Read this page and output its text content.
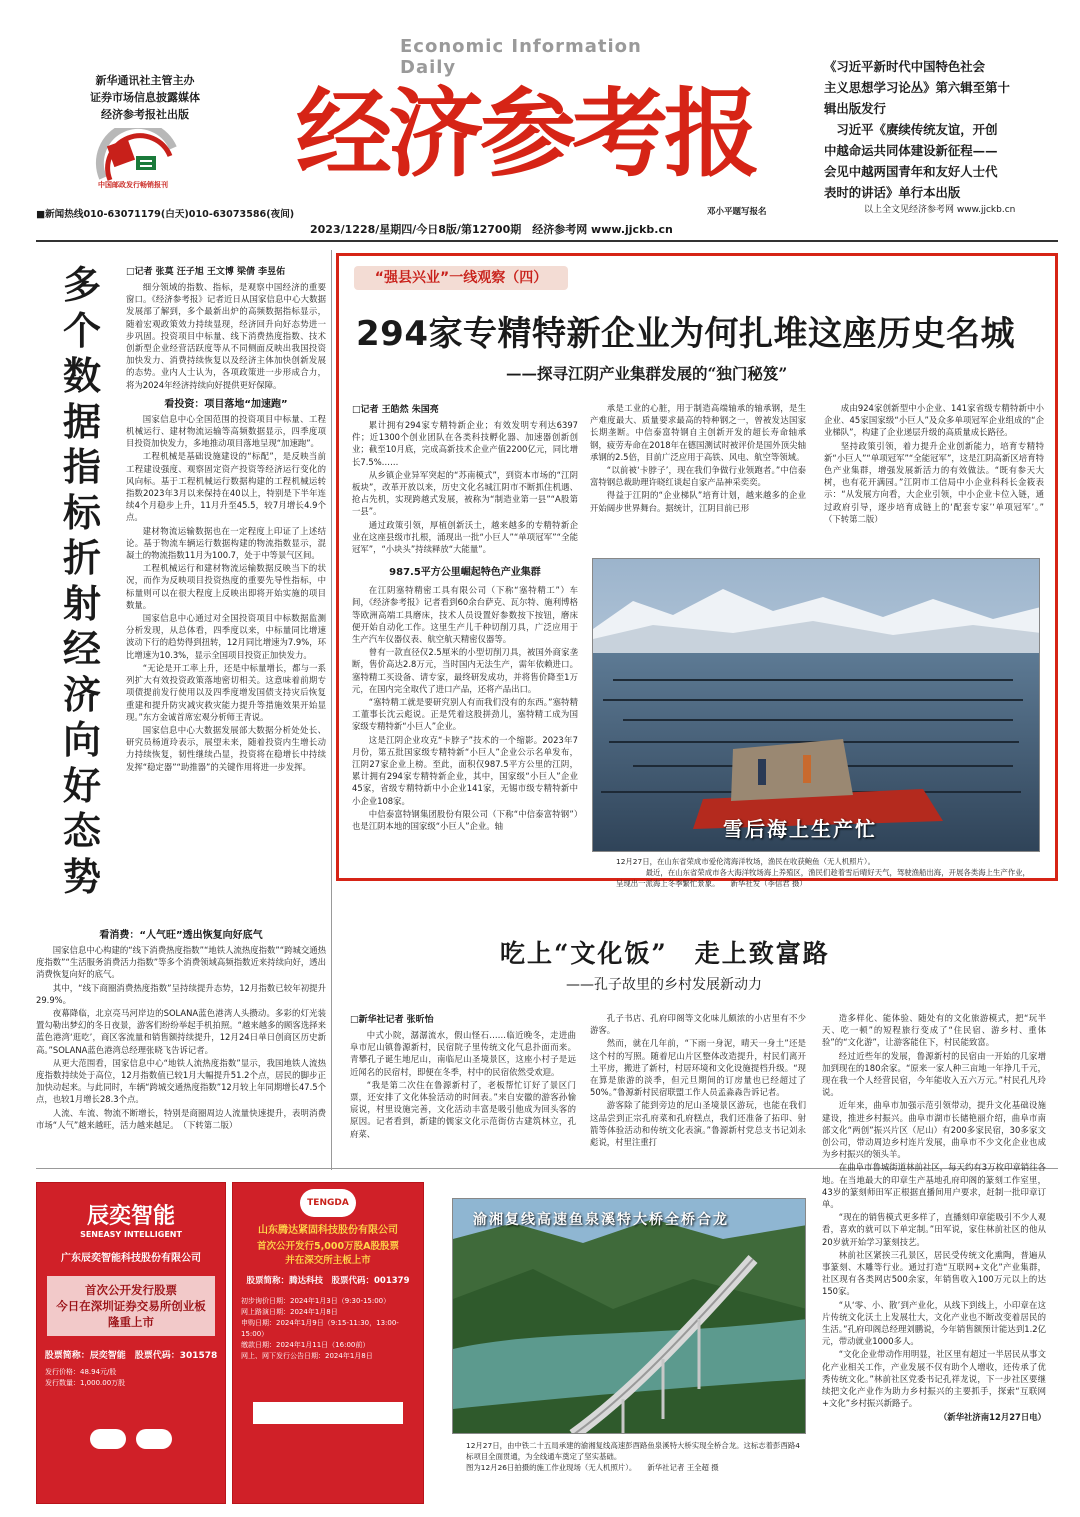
Economic Information Daily
经济参考报
新华通讯社主管主办
证券市场信息披露媒体
经济参考报社出版
中国邮政发行畅销报刊
■新闻热线010-63071179(白天)010-63073586(夜间)
2023/1228/星期四/今日8版/第12700期　经济参考网 www.jjckb.cn
邓小平题写报名
《习近平新时代中国特色社会
主义思想学习论丛》第六辑至第十
辑出版发行
　习近平《赓续传统友谊，开创
中越命运共同体建设新征程——
会见中越两国青年和友好人士代
表时的讲话》单行本出版
以上全文见经济参考网 www.jjckb.cn
多
个
数
据
指
标
折
射
经
济
向
好
态
势
□记者 张莫 汪子旭 王文博 梁倩 李昱佑

细分领域的指数、指标，是观察中国经济的重要窗口。《经济参考报》记者近日从国家信息中心大数据发展部了解到，多个最新出炉的高频数据指标显示，随着宏观政策效力持续显现，经济回升向好态势进一步巩固。投资项目中标量、线下消费热度指数、技术创新型企业经营活跃度等从不同侧面反映出我国投资加快发力、消费持续恢复以及经济主体加快创新发展的态势。业内人士认为，各项政策进一步形成合力，将为2024年经济持续向好提供更好保障。

看投资：项目落地“加速跑”

国家信息中心全国范围的投资项目中标量、工程机械运行、建材物流运输等高频数据显示，四季度项目投资加快发力，多地推动项目落地呈现“加速跑”。

工程机械是基础设施建设的“标配”，是反映当前工程建设强度、观察固定资产投资等经济运行变化的风向标。基于工程机械运行数据构建的工程机械运转指数2023年3月以来保持在40以上，特别是下半年连续4个月稳步上升，11月升至45.5，较7月增长4.9个点。

建材物流运输数据也在一定程度上印证了上述结论。基于物流车辆运行数据构建的物流指数显示，混凝土的物流指数11月为100.7，处于中等景气区间。

工程机械运行和建材物流运输数据反映当下的状况，而作为反映项目投资热度的重要先导性指标，中标量则可以在很大程度上反映出即将开始实施的项目数量。

国家信息中心通过对全国投资项目中标数据监测分析发现，从总体看，四季度以来，中标量同比增速波动下行的趋势得到扭转，12月同比增速为7.9%，环比增速为10.3%，显示全国项目投资正加快发力。

“无论是开工率上升，还是中标量增长，都与一系列扩大有效投资政策落地密切相关。这意味着前期专项债提前发行使用以及四季度增发国债支持灾后恢复重建和提升防灾减灾救灾能力提升等措施效果开始显现。”东方金诚首席宏观分析师王青说。

国家信息中心大数据发展部大数据分析处处长、研究员杨道玲表示，展望未来，随着投资内生增长动力持续恢复，韧性继续凸显，投资将在稳增长中持续发挥“稳定器”“助推器”的关键作用将进一步发挥。

看消费：“人气旺”透出恢复向好底气

国家信息中心构建的“线下消费热度指数”“地铁人流热度指数”“跨城交通热度指数”“生活服务消费活力指数”等多个消费领域高频指数近来持续向好，透出消费恢复向好的底气。

其中，“线下商圈消费热度指数”呈持续提升态势，12月指数已较年初提升29.9%。

夜幕降临，北京亮马河岸边的SOLANA蓝色港湾人头攒动。多彩的灯光装置勾勒出梦幻的冬日夜景，游客们纷纷举起手机拍照。“越来越多的顾客选择来蓝色港湾‘逛吃’，商区客流量和销售额持续提升，12月24日单日创商区历史新高。”SOLANA蓝色港湾总经理张晓飞告诉记者。

从更大范围看，国家信息中心“地铁人流热度指数”显示，我国地铁人流热度指数持续处于高位，12月指数值已较1月大幅提升51.2个点，居民的脚步正加快动起来。与此同时，车辆“跨城交通热度指数”12月较上年同期增长47.5个点，也较1月增长28.3个点。

人流、车流、物流不断增长，特别是商圈周边人流量快速提升，表明消费市场“人气”越来越旺，活力越来越足。　（下转第二版）

“强县兴业”一线观察（四）
294家专精特新企业为何扎堆这座历史名城
——探寻江阴产业集群发展的“独门秘笈”
□记者 王皓然 朱国亮

累计拥有294家专精特新企业；有效发明专利达6397件；近1300个创业团队在各类科技孵化器、加速器创新创业；截至10月底，完成高新技术企业产值2200亿元，同比增长7.5%……

从乡镇企业异军突起的“苏南模式”，到资本市场的“江阴板块”，改革开放以来，历史文化名城江阴市不断抓住机遇、抢占先机，实现跨越式发展，被称为“制造业第一县”“A股第一县”。

通过政策引领，厚植创新沃土，越来越多的专精特新企业在这座县级市扎根，涌现出一批“小巨人”“单项冠军”“全能冠军”，“小块头”持续释放“大能量”。

987.5平方公里崛起特色产业集群

在江阴塞特精密工具有限公司（下称“塞特精工”）车间，《经济参考报》记者看到60余台萨克、瓦尔特、施利博格等欧洲高端工具磨床，技术人员设置好参数按下按钮，磨床便开始自动化工作。这里生产儿千种切削刀具，广泛应用于生产汽车仪器仪表、航空航天精密仪器等。

曾有一款直径仅2.5厘米的小型切削刀具，被国外商家垄断，售价高达2.8万元，当时国内无法生产，需年依赖进口。塞特精工买设备、请专家，最终研发成功，并将售价降至1万元，在国内完全取代了进口产品，还将产品出口。

“塞特精工就是要研究别人有而我们没有的东西。”塞特精工董事长沈云彪说。正是凭着这股拼劲儿，塞特精工成为国家级专精特新“小巨人”企业。

这是江阴企业攻克“卡脖子”技术的一个缩影。2023年7月份，第五批国家级专精特新“小巨人”企业公示名单发布，江阴27家企业上榜。至此，面积仅987.5平方公里的江阴，累计拥有294家专精特新企业，其中，国家级“小巨人”企业45家，省级专精特新中小企业141家，无锡市级专精特新中小企业108家。

中信泰富特钢集团股份有限公司（下称“中信泰富特钢”）也是江阴本地的国家级“小巨人”企业。轴

承是工业的心脏，用于制造高端轴承的轴承钢，是生产难度最大、质量要求最高的特种钢之一，曾被发达国家长期垄断。中信泰富特钢自主创新开发的超长寿命轴承钢，疲劳寿命在2018年在德国测试时被评价是国外顶尖轴承钢的2.5倍，目前广泛应用于高铁、风电、航空等领域。

“以前被‘卡脖子’，现在我们争做行业领跑者。”中信泰富特钢总裁助理许晓红谈起自家产品神采奕奕。

得益于江阴的“企业梯队”培育计划，越来越多的企业开始阔步世界舞台。据统计，江阴目前已形

成由924家创新型中小企业、141家省级专精特新中小企业、45家国家级“小巨人”及众多单项冠军企业组成的“企业梯队”，构建了企业递层升级的高质量成长路径。

坚持政策引领，着力提升企业创新能力，培育专精特新“小巨人”“单项冠军”“全能冠军”，这是江阴高新区培育特色产业集群，增强发展新活力的有效做法。“既有参天大树，也有花开满园。”江阴市工信局中小企业科科长金筱表示：“从发展方向看，大企业引领，中小企业卡位入链，通过政府引导，逐步培育成链上的‘配套专家’‘单项冠军’。”　（下转第二版）

雪后海上生产忙
12月27日，在山东省荣成市爱伦湾海洋牧场，渔民在收获鲍鱼（无人机照片）。
　　　　最近，在山东省荣成市各大海洋牧场海上养殖区，渔民们趁着雪后晴好天气，驾驶渔船出海，开展各类海上生产作业，呈现出一派海上冬季繁忙景象。　　新华社发（李信君 摄）
吃上“文化饭”　走上致富路
——孔子故里的乡村发展新动力
□新华社记者 张昕怡

中式小院，潺潺流水，假山怪石……临近晚冬，走进曲阜市尼山镇鲁源新村，民宿院子里传统文化气息扑面而来。青攀孔子诞生地尼山，南临尼山圣境景区，这座小村子是远近闻名的民宿村，即便在冬季，村中的民宿依然受欢迎。

“我是第二次住在鲁源新村了，老板帮忙订好了景区门票，还安排了文化体验活动的时间表。”来自安徽的游客孙愉宸说，村里设施完善，文化活动丰富是吸引他成为回头客的原因。记者看到，新建的儒家文化示范街仿古建筑林立，孔府菜、

孔子书店、孔府印阁等文化味儿颇浓的小店里有不少游客。

然而，就在几年前，“下雨一身泥，晴天一身土”还是这个村的写照。随着尼山片区整体改造提升，村民们离开土平房，搬进了新村，村居环境和文化设施提档升级。“现在算是旅游的淡季，但元旦期间的订房量也已经超过了50%。”鲁源新村民宿联盟工作人员孟淼淼告诉记者。

游客除了能到旁边的尼山圣境景区游玩，也能在我们这品尝到正宗孔府菜和孔府糕点，我们还准备了拓印、射箭等体验活动和传统文化表演。”鲁源新村党总支书记刘永彪说，村里注重打

造多样化、能体验、随处有的文化旅游模式，把“玩半天、吃一顿”的短程旅行变成了“住民宿、游乡村、重体验”的“文化游”，让游客能住下，村民能致富。

经过近些年的发展，鲁源新村的民宿由一开始的几家增加到现在的180余家。“原来一家人种三亩地一年挣几千元，现在我一个人经营民宿，今年能收入五六万元。”村民孔凡玲说。

近年来，曲阜市加强示范引领带动，提升文化基础设施建设，推进乡村振兴。曲阜市湖市长储艳丽介绍，曲阜市南部文化“两创”振兴片区（尼山）有200多家民宿，30多家文创公司，带动周边乡村连片发展，曲阜市不少文化企业也成为乡村振兴的领头羊。

在曲阜市鲁城街道林前社区，每天约有3万枚印章销往各地。在当地最大的印章生产基地孔府印阁的篆刻工作室里，43岁的篆刻师田军正根据直播间用户要求，赶制一批印章订单。

“现在的销售模式更多样了，直播刻印章能吸引不少人观看，喜欢的就可以下单定制。”田军说，家住林前社区的他从20岁就开始学习篆刻技艺。

林前社区紧挨三孔景区，居民受传统文化熏陶，普遍从事篆刻、木雕等行业。通过打造“互联网+文化”产业集群，社区现有各类网店500余家，年销售收入100万元以上的达150家。

“从‘零、小、散’到产业化，从线下到线上，小印章在这片传统文化沃土上发展壮大，文化产业也不断改变着居民的生活。”孔府印阁总经理刘鹏说，今年销售额预计能达到1.2亿元，带动就业1000多人。

“文化企业带动作用明显，社区里有超过一半居民从事文化产业相关工作，产业发展不仅有助个人增收，还传承了优秀传统文化。”林前社区党委书记孔祥龙说，下一步社区要继续把文化产业作为助力乡村振兴的主要抓手，探索“互联网+文化”乡村振兴新路子。

（新华社济南12月27日电）

辰奕智能
SENEASY INTELLIGENT
广东辰奕智能科技股份有限公司
首次公开发行股票
今日在深圳证券交易所创业板
隆重上市
股票简称：辰奕智能　股票代码：301578
发行价格：48.94元/股
发行数量：1,000.00万股
TENGDA
山东腾达紧固科技股份有限公司
首次公开发行5,000万股A股股票
并在深交所主板上市
股票简称：腾达科技　股票代码：001379
初步询价日期：2024年1月3日（9:30-15:00）
网上路演日期：2024年1月8日
申购日期：2024年1月9日（9:15-11:30，13:00-15:00）
缴款日期：2024年1月11日（16:00前）
网上、网下发行公告日期：2024年1月8日
渝湘复线高速鱼泉溪特大桥全桥合龙
12月27日，由中铁二十五局承建的渝湘复线高速彭酉路鱼泉溪特大桥实现全桥合龙。这标志着彭酉路4标项目全面贯通，为全线通车奠定了坚实基础。
图为12月26日拍摄的施工作业现场（无人机照片）。　　新华社记者 王全超 摄
